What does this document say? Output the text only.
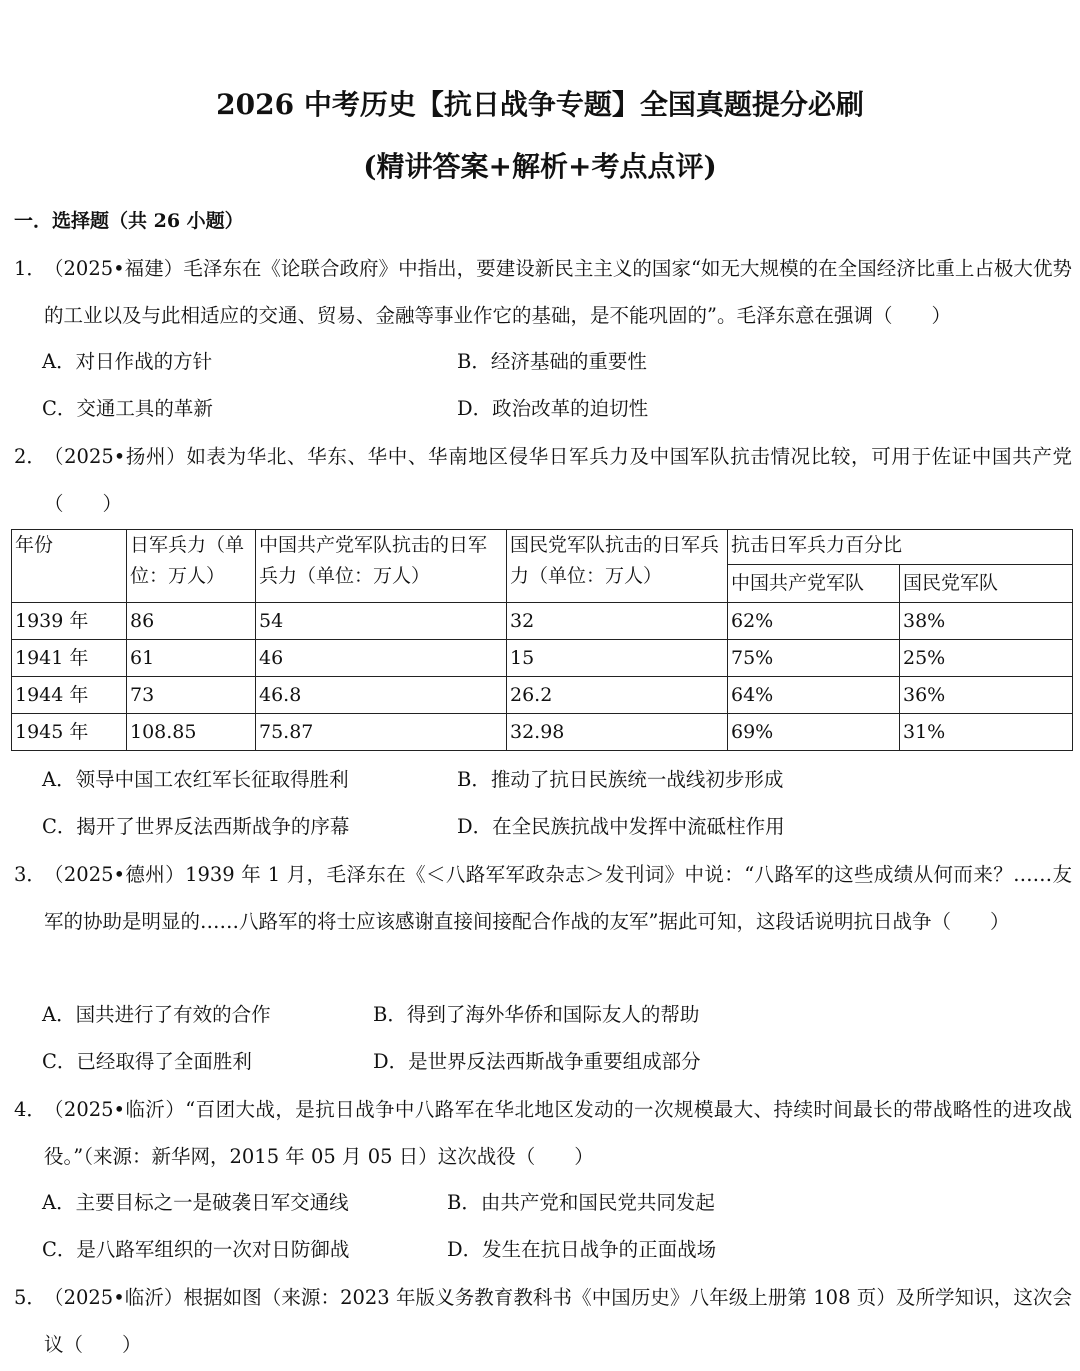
2026 中考历史【抗日战争专题】全国真题提分必刷
(精讲答案+解析+考点点评)
一．选择题（共 26 小题）
1．
（2025•福建）毛泽东在《论联合政府》中指出，要建设新民主主义的国家“如无大规模的在全国经济比重上占极大优势的工业以及与此相适应的交通、贸易、金融等事业作它的基础，是不能巩固的”。毛泽东意在强调（　　）
A．对日作战的方针	B．经济基础的重要性
C．交通工具的革新	D．政治改革的迫切性
2．
（2025•扬州）如表为华北、华东、华中、华南地区侵华日军兵力及中国军队抗击情况比较，可用于佐证中国共产党（　　）
年份	日军兵力（单位：万人）	中国共产党军队抗击的日军兵力（单位：万人）	国民党军队抗击的日军兵力（单位：万人）	抗击日军兵力百分比	
				中国共产党军队	国民党军队
1939 年	86	54	32	62%	38%
1941 年	61	46	15	75%	25%
1944 年	73	46.8	26.2	64%	36%
1945 年	108.85	75.87	32.98	69%	31%
A．领导中国工农红军长征取得胜利	B．推动了抗日民族统一战线初步形成
C．揭开了世界反法西斯战争的序幕	D．在全民族抗战中发挥中流砥柱作用
3．
（2025•德州）1939 年 1 月，毛泽东在《＜八路军军政杂志＞发刊词》中说：“八路军的这些成绩从何而来？……友军的协助是明显的……八路军的将士应该感谢直接间接配合作战的友军”据此可知，这段话说明抗日战争（　　）
A．国共进行了有效的合作	B．得到了海外华侨和国际友人的帮助
C．已经取得了全面胜利	D．是世界反法西斯战争重要组成部分
4．
（2025•临沂）“百团大战，是抗日战争中八路军在华北地区发动的一次规模最大、持续时间最长的带战略性的进攻战役。”（来源：新华网，2015 年 05 月 05 日）这次战役（　　）
A．主要目标之一是破袭日军交通线	B．由共产党和国民党共同发起
C．是八路军组织的一次对日防御战	D．发生在抗日战争的正面战场
5．
（2025•临沂）根据如图（来源：2023 年版义务教育教科书《中国历史》八年级上册第 108 页）及所学知识，这次会议（　　）
